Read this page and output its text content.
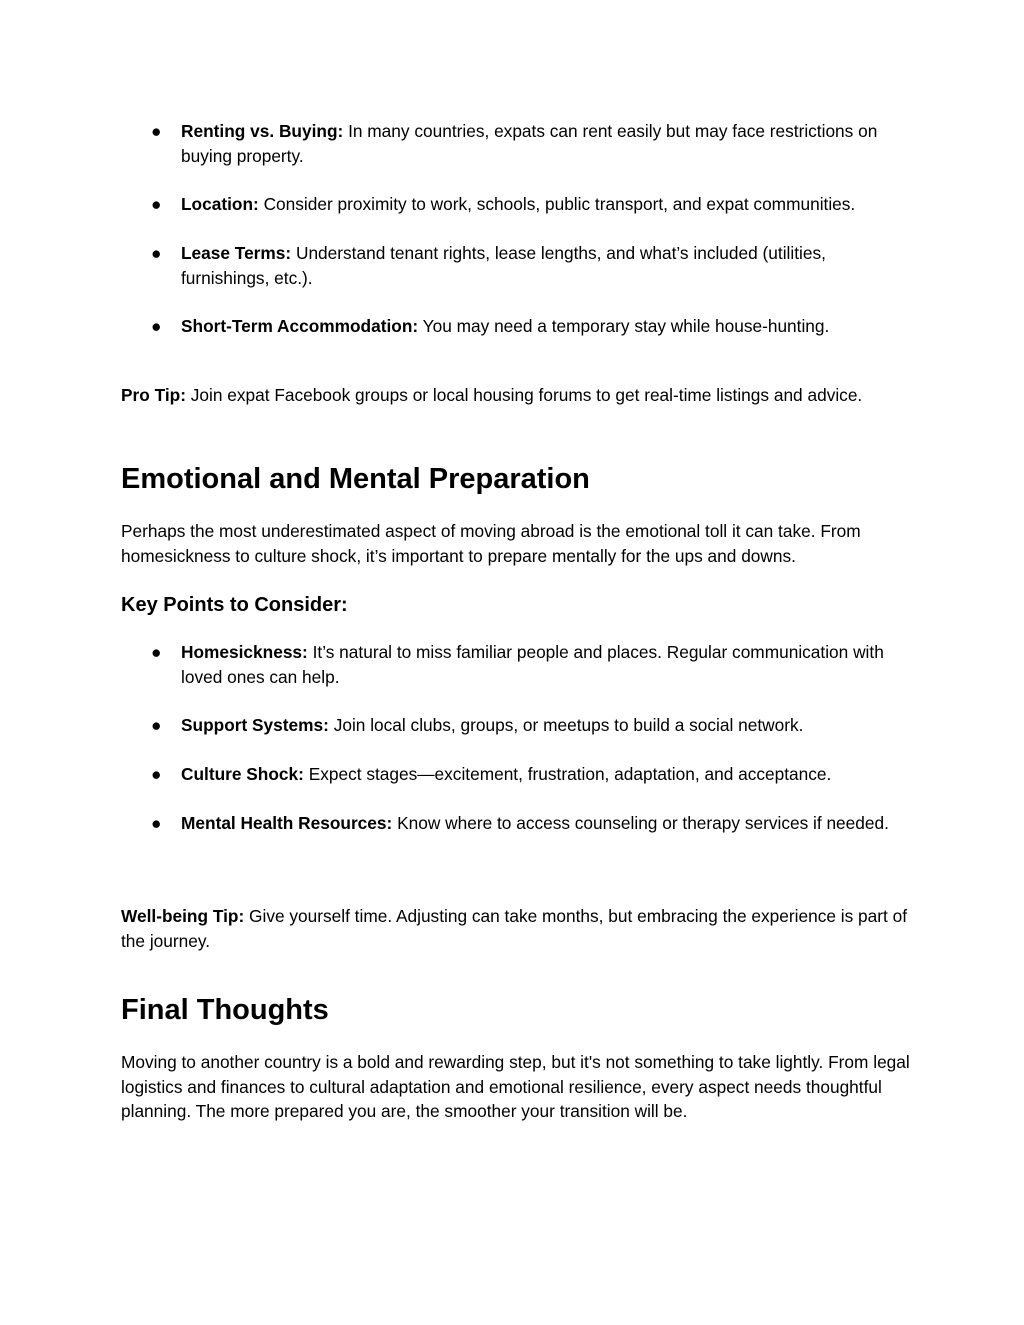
● Renting vs. Buying: In many countries, expats can rent easily but may face restrictions on buying property.
● Location: Consider proximity to work, schools, public transport, and expat communities.
● Lease Terms: Understand tenant rights, lease lengths, and what’s included (utilities, furnishings, etc.).
● Short-Term Accommodation: You may need a temporary stay while house-hunting.

Pro Tip: Join expat Facebook groups or local housing forums to get real-time listings and advice.

Emotional and Mental Preparation

Perhaps the most underestimated aspect of moving abroad is the emotional toll it can take. From homesickness to culture shock, it’s important to prepare mentally for the ups and downs.

Key Points to Consider:
● Homesickness: It’s natural to miss familiar people and places. Regular communication with loved ones can help.
● Support Systems: Join local clubs, groups, or meetups to build a social network.
● Culture Shock: Expect stages—excitement, frustration, adaptation, and acceptance.
● Mental Health Resources: Know where to access counseling or therapy services if needed.

Well-being Tip: Give yourself time. Adjusting can take months, but embracing the experience is part of the journey.

Final Thoughts

Moving to another country is a bold and rewarding step, but it's not something to take lightly. From legal logistics and finances to cultural adaptation and emotional resilience, every aspect needs thoughtful planning. The more prepared you are, the smoother your transition will be.
